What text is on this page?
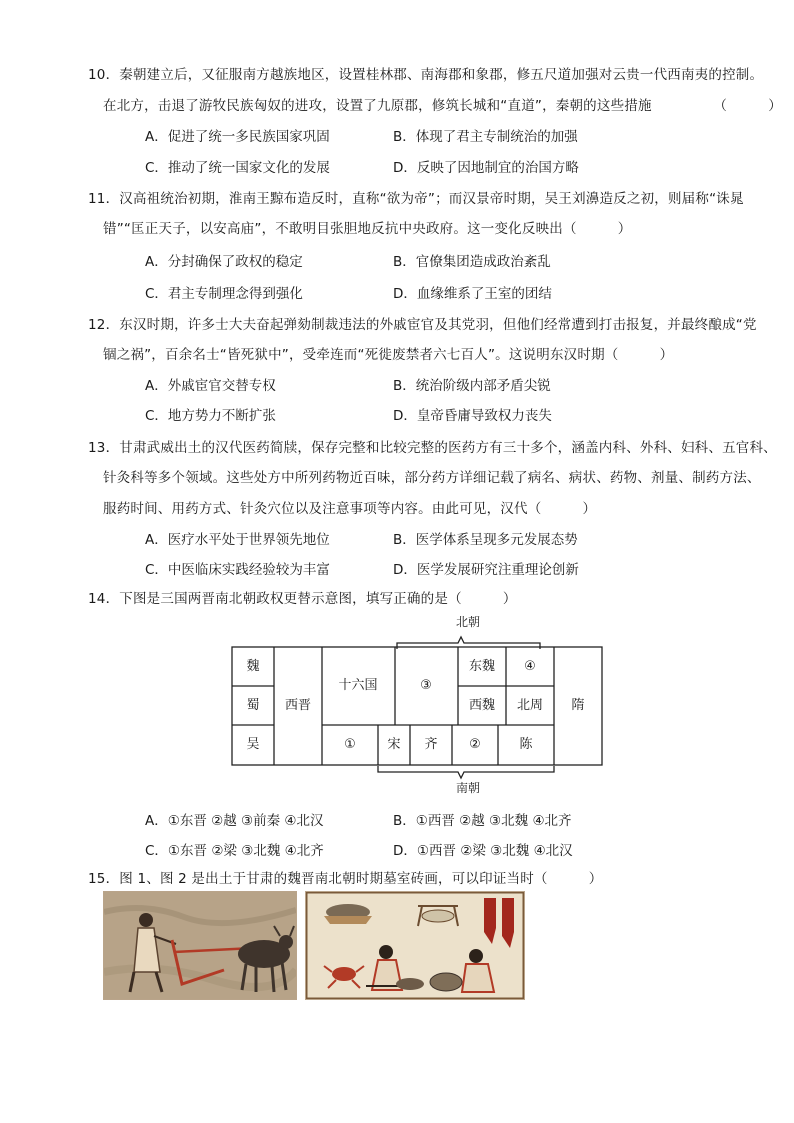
10．秦朝建立后，又征服南方越族地区，设置桂林郡、南海郡和象郡，修五尺道加强对云贵一代西南夷的控制。
在北方，击退了游牧民族匈奴的进攻，设置了九原郡，修筑长城和“直道”，秦朝的这些措施　　　　　（　　　）
A．促进了统一多民族国家巩固	B．体现了君主专制统治的加强
C．推动了统一国家文化的发展	D．反映了因地制宜的治国方略
11．汉高祖统治初期，淮南王黥布造反时，直称“欲为帝”；而汉景帝时期，吴王刘濞造反之初，则届称“诛晁
错”“匡正天子，以安高庙”，不敢明目张胆地反抗中央政府。这一变化反映出（　　　）
A．分封确保了政权的稳定	B．官僚集团造成政治紊乱
C．君主专制理念得到强化	D．血缘维系了王室的团结
12．东汉时期，许多士大夫奋起弹劾制裁违法的外戚宦官及其党羽，但他们经常遭到打击报复，并最终酿成“党
锢之祸”，百余名士“皆死狱中”，受牵连而“死徙废禁者六七百人”。这说明东汉时期（　　　）
A．外戚宦官交替专权	B．统治阶级内部矛盾尖锐
C．地方势力不断扩张	D．皇帝昏庸导致权力丧失
13．甘肃武威出土的汉代医药简牍，保存完整和比较完整的医药方有三十多个，涵盖内科、外科、妇科、五官科、
针灸科等多个领域。这些处方中所列药物近百味，部分药方详细记载了病名、病状、药物、剂量、制药方法、
服药时间、用药方式、针灸穴位以及注意事项等内容。由此可见，汉代（　　　）
A．医疗水平处于世界领先地位	B．医学体系呈现多元发展态势
C．中医临床实践经验较为丰富	D．医学发展研究注重理论创新
14．下图是三国两晋南北朝政权更替示意图，填写正确的是（　　　）
北朝
南朝
魏
蜀
吴
西晋
十六国	③
东魏 ④
西魏 北周
① 宋 齐 ②	陈
隋
A．①东晋 ②越 ③前秦 ④北汉	B．①西晋 ②越 ③北魏 ④北齐
C．①东晋 ②梁 ③北魏 ④北齐	D．①西晋 ②梁 ③北魏 ④北汉
15．图 1、图 2 是出土于甘肃的魏晋南北朝时期墓室砖画，可以印证当时（　　　）
